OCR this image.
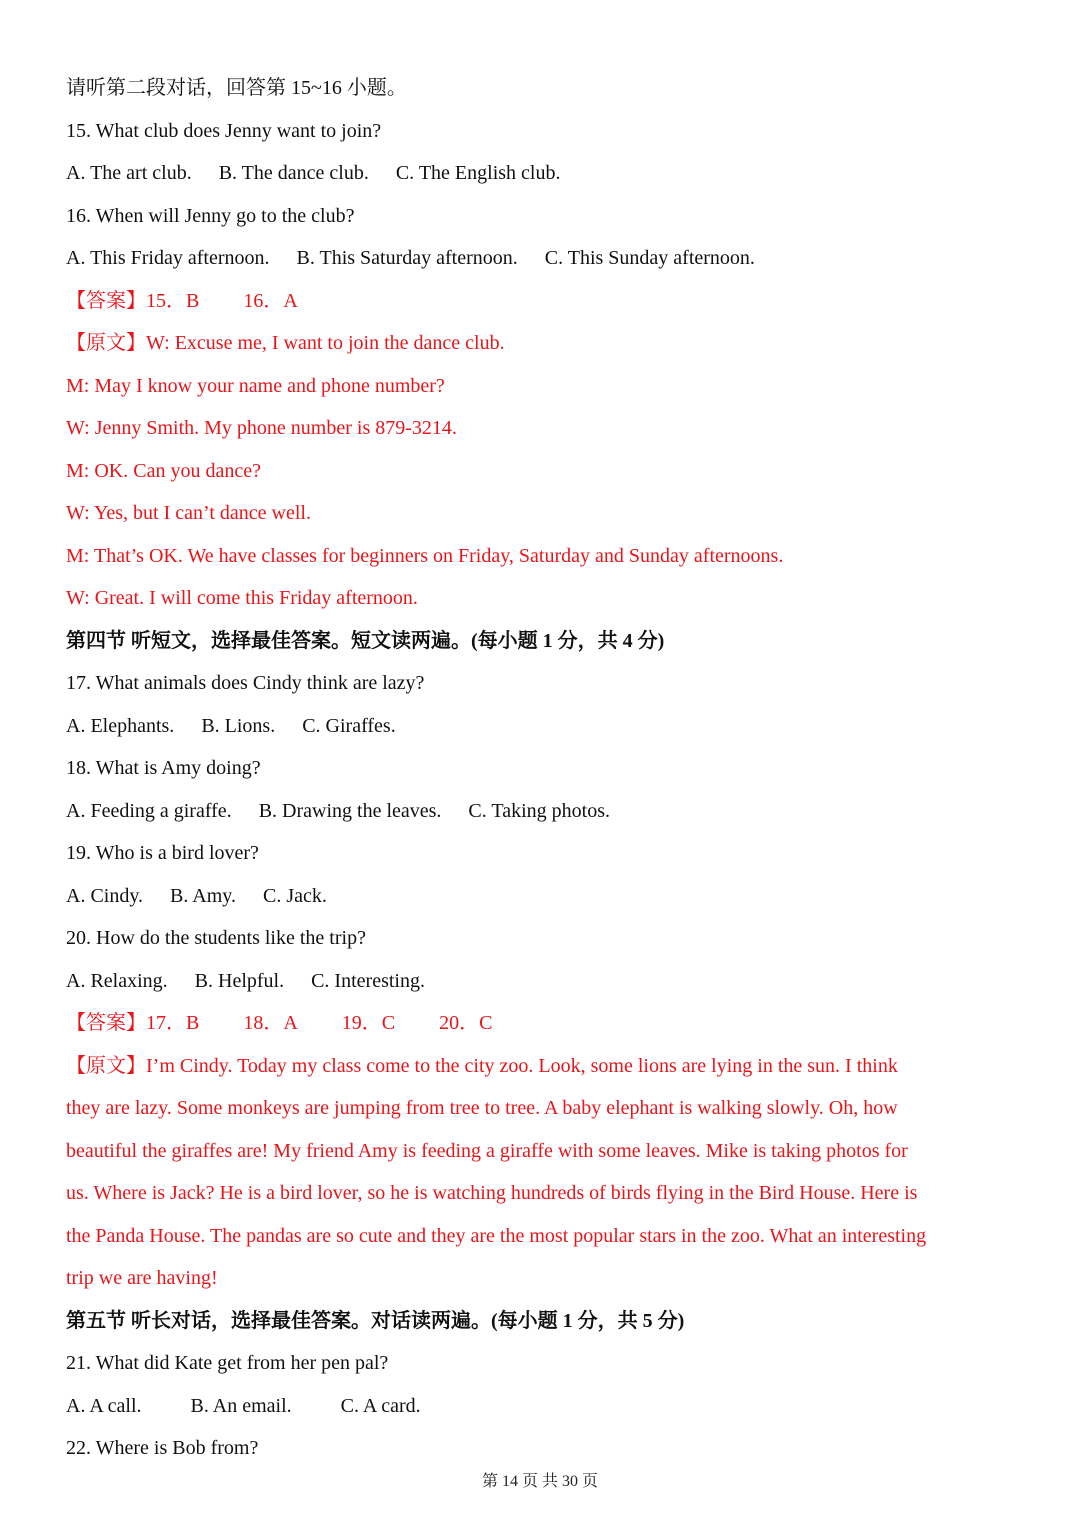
请听第二段对话，回答第 15~16 小题。
15. What club does Jenny want to join?
A. The art club. B. The dance club. C. The English club.
16. When will Jenny go to the club?
A. This Friday afternoon. B. This Saturday afternoon. C. This Sunday afternoon.
【答案】15．B 16．A
【原文】W: Excuse me, I want to join the dance club.
M: May I know your name and phone number?
W: Jenny Smith. My phone number is 879-3214.
M: OK. Can you dance?
W: Yes, but I can’t dance well.
M: That’s OK. We have classes for beginners on Friday, Saturday and Sunday afternoons.
W: Great. I will come this Friday afternoon.
第四节 听短文，选择最佳答案。短文读两遍。(每小题 1 分，共 4 分)
17. What animals does Cindy think are lazy?
A. Elephants. B. Lions. C. Giraffes.
18. What is Amy doing?
A. Feeding a giraffe. B. Drawing the leaves. C. Taking photos.
19. Who is a bird lover?
A. Cindy. B. Amy. C. Jack.
20. How do the students like the trip?
A. Relaxing. B. Helpful. C. Interesting.
【答案】17．B 18．A 19．C 20．C
【原文】I’m Cindy. Today my class come to the city zoo. Look, some lions are lying in the sun. I think
they are lazy. Some monkeys are jumping from tree to tree. A baby elephant is walking slowly. Oh, how
beautiful the giraffes are! My friend Amy is feeding a giraffe with some leaves. Mike is taking photos for
us. Where is Jack? He is a bird lover, so he is watching hundreds of birds flying in the Bird House. Here is
the Panda House. The pandas are so cute and they are the most popular stars in the zoo. What an interesting
trip we are having!
第五节 听长对话，选择最佳答案。对话读两遍。(每小题 1 分，共 5 分)
21. What did Kate get from her pen pal?
A. A call. B. An email. C. A card.
22. Where is Bob from?
第 14 页 共 30 页
